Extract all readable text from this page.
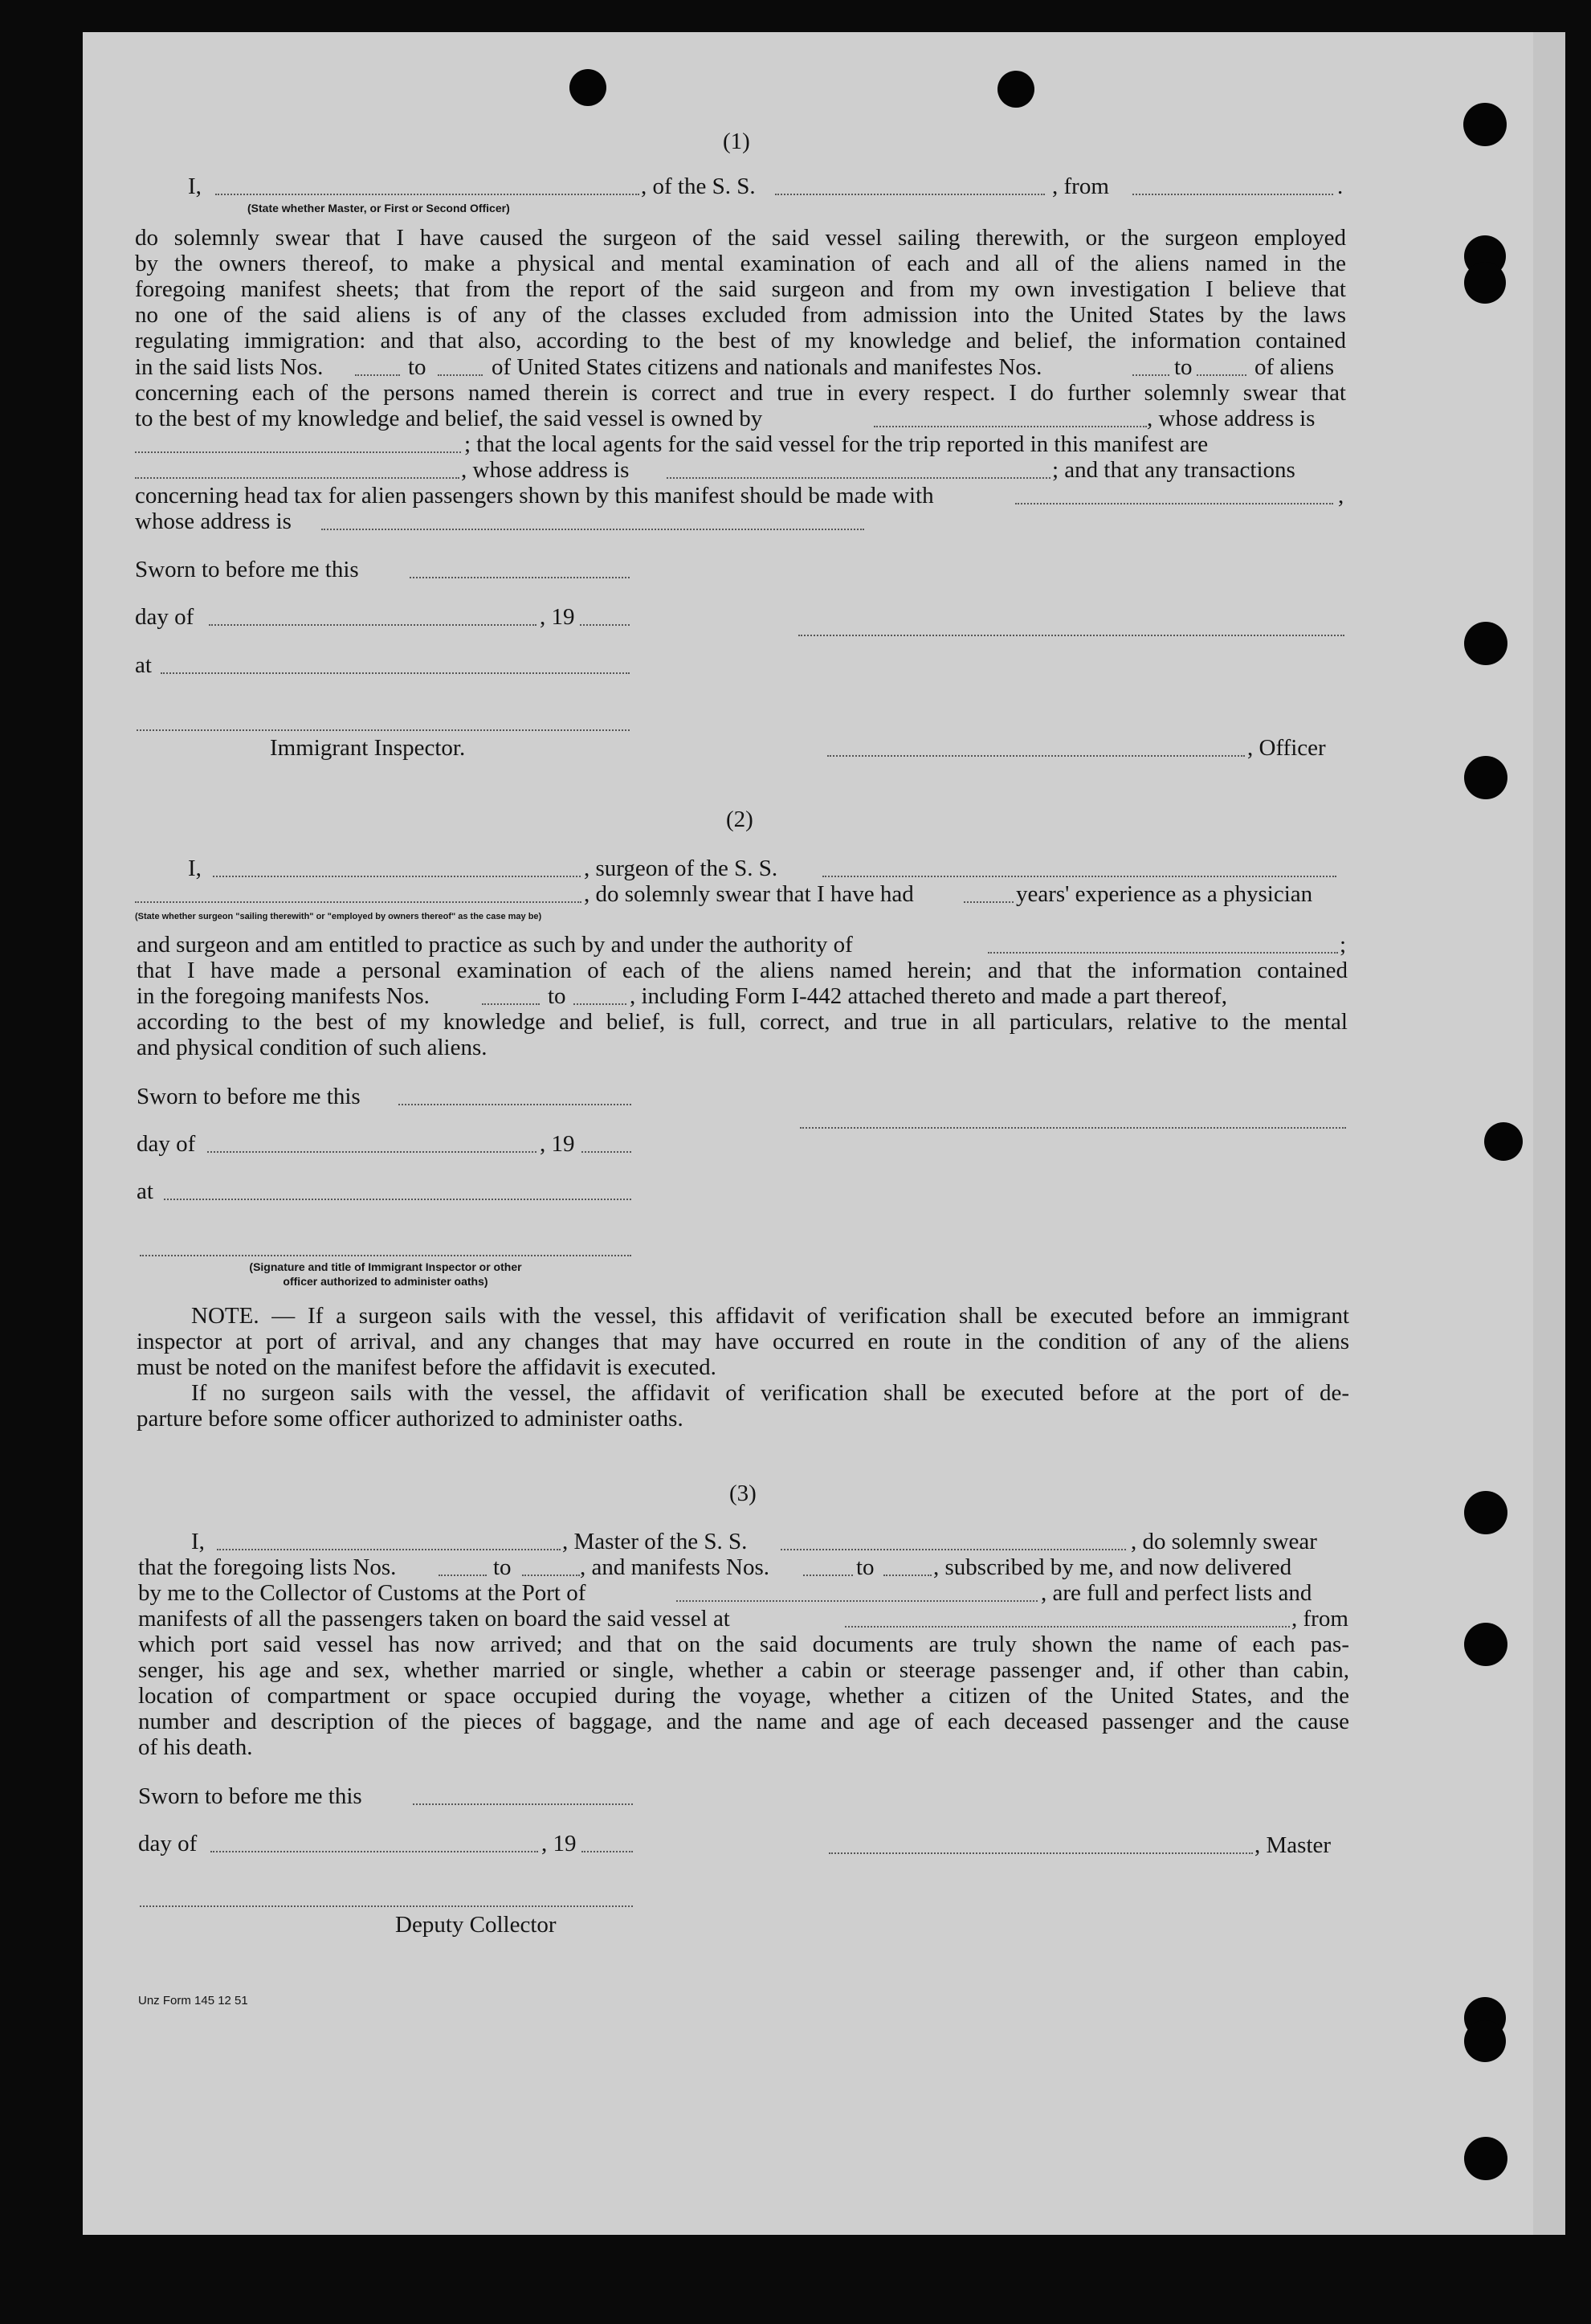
(1)
I,	, of the S. S.	, from	.
(State whether Master, or First or Second Officer)
do solemnly swear that I have caused the surgeon of the said vessel sailing therewith, or the surgeon employed
by the owners thereof, to make a physical and mental examination of each and all of the aliens named in the
foregoing manifest sheets; that from the report of the said surgeon and from my own investigation I believe that
no one of the said aliens is of any of the classes excluded from admission into the United States by the laws
regulating immigration: and that also, according to the best of my knowledge and belief, the information contained
in the said lists Nos.	to	of United States citizens and nationals and manifestes Nos.	to	of aliens
concerning each of the persons named therein is correct and true in every respect. I do further solemnly swear that
to the best of my knowledge and belief, the said vessel is owned by	, whose address is
; that the local agents for the said vessel for the trip reported in this manifest are
, whose address is	; and that any transactions
concerning head tax for alien passengers shown by this manifest should be made with	,
whose address is
Sworn to before me this
day of	, 19
at
Immigrant Inspector.	, Officer
(2)
I,	, surgeon of the S. S.
, do solemnly swear that I have had	years' experience as a physician
(State whether surgeon "sailing therewith" or "employed by owners thereof" as the case may be)
and surgeon and am entitled to practice as such by and under the authority of	;
that I have made a personal examination of each of the aliens named herein; and that the information contained
in the foregoing manifests Nos.	to	, including Form I-442 attached thereto and made a part thereof,
according to the best of my knowledge and belief, is full, correct, and true in all particulars, relative to the mental
and physical condition of such aliens.
Sworn to before me this
day of	, 19
at
(Signature and title of Immigrant Inspector or other
officer authorized to administer oaths)
NOTE. — If a surgeon sails with the vessel, this affidavit of verification shall be executed before an immigrant
inspector at port of arrival, and any changes that may have occurred en route in the condition of any of the aliens
must be noted on the manifest before the affidavit is executed.
If no surgeon sails with the vessel, the affidavit of verification shall be executed before at the port of de-
parture before some officer authorized to administer oaths.
(3)
I,	, Master of the S. S.	, do solemnly swear
that the foregoing lists Nos.	to	, and manifests Nos.	to	, subscribed by me, and now delivered
by me to the Collector of Customs at the Port of	, are full and perfect lists and
manifests of all the passengers taken on board the said vessel at	, from
which port said vessel has now arrived; and that on the said documents are truly shown the name of each pas-
senger, his age and sex, whether married or single, whether a cabin or steerage passenger and, if other than cabin,
location of compartment or space occupied during the voyage, whether a citizen of the United States, and the
number and description of the pieces of baggage, and the name and age of each deceased passenger and the cause
of his death.
Sworn to before me this
day of	, 19	, Master
Deputy Collector
Unz Form 145 12 51
